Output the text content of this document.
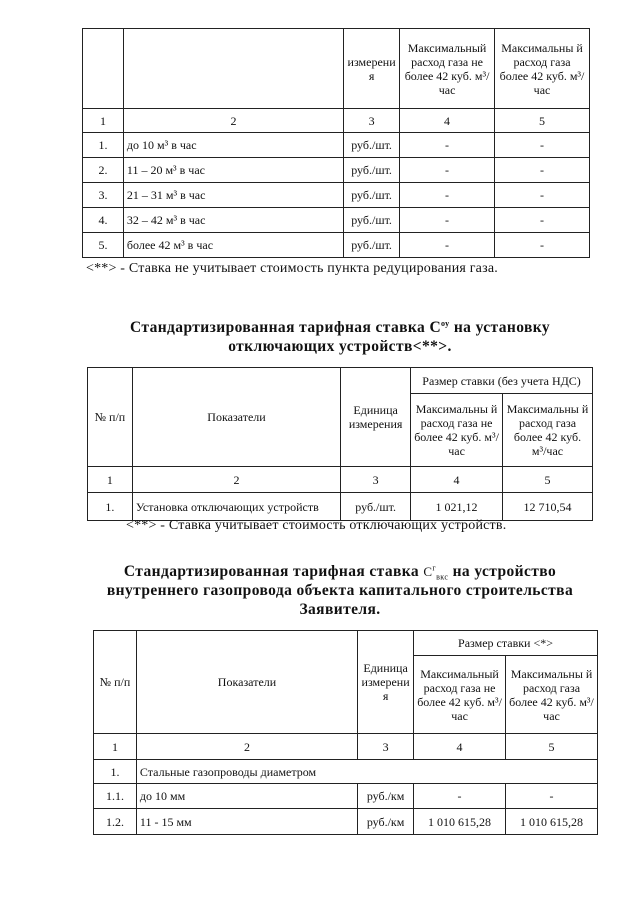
		измерени я	Максимальный расход газа не более 42 куб. м³/час	Максимальны й расход газа более 42 куб. м³/час
1	2	3	4	5
1.	до 10 м³ в час	руб./шт.	-	-
2.	11 – 20 м³ в час	руб./шт.	-	-
3.	21 – 31 м³ в час	руб./шт.	-	-
4.	32 – 42 м³ в час	руб./шт.	-	-
5.	более 42 м³ в час	руб./шт.	-	-
<**> - Ставка не учитывает стоимость пункта редуцирования газа.
Стандартизированная тарифная ставка $С^{оу}$ на установку
отключающих устройств<**>.
№ п/п	Показатели	Единица измерения	Размер ставки (без учета НДС)	
			Максимальны й расход газа не более 42 куб. м³/час	Максимальны й расход газа более 42 куб. м³/час
1	2	3	4	5
1.	Установка отключающих устройств	руб./шт.	1 021,12	12 710,54
<**> - Ставка учитывает стоимость отключающих устройств.
Стандартизированная тарифная ставка $С^г_{вкс}$ на устройство
внутреннего газопровода объекта капитального строительства
Заявителя.
№ п/п	Показатели	Единица измерени я	Размер ставки <*>	
			Максимальный расход газа не более 42 куб. м³/час	Максимальны й расход газа более 42 куб. м³/час
1	2	3	4	5
1.	Стальные газопроводы диаметром			
1.1.	до 10 мм	руб./км	-	-
1.2.	11 - 15 мм	руб./км	1 010 615,28	1 010 615,28
